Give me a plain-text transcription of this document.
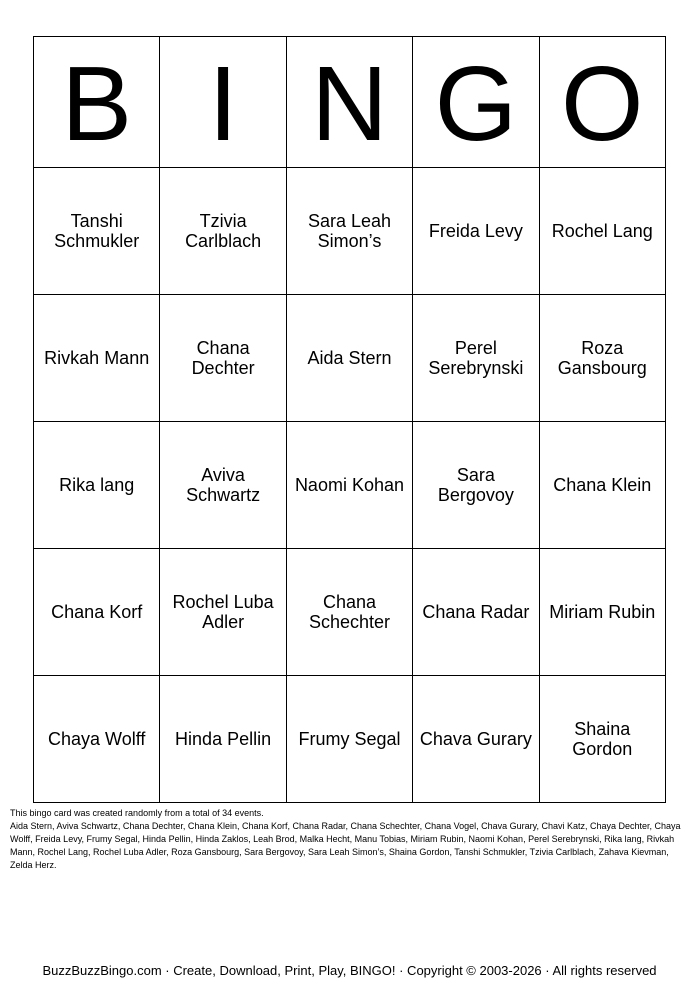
B	I	N	G	O
Tanshi Schmukler	Tzivia Carlblach	Sara Leah Simon’s	Freida Levy	Rochel Lang
Rivkah Mann	Chana Dechter	Aida Stern	Perel Serebrynski	Roza Gansbourg
Rika lang	Aviva Schwartz	Naomi Kohan	Sara Bergovoy	Chana Klein
Chana Korf	Rochel Luba Adler	Chana Schechter	Chana Radar	Miriam Rubin
Chaya Wolff	Hinda Pellin	Frumy Segal	Chava Gurary	Shaina Gordon
This bingo card was created randomly from a total of 34 events.
Aida Stern, Aviva Schwartz, Chana Dechter, Chana Klein, Chana Korf, Chana Radar, Chana Schechter, Chana Vogel, Chava Gurary, Chavi Katz, Chaya Dechter, Chaya Wolff, Freida Levy, Frumy Segal, Hinda Pellin, Hinda Zaklos, Leah Brod, Malka Hecht, Manu Tobias, Miriam Rubin, Naomi Kohan, Perel Serebrynski, Rika lang, Rivkah Mann, Rochel Lang, Rochel Luba Adler, Roza Gansbourg, Sara Bergovoy, Sara Leah Simon’s, Shaina Gordon, Tanshi Schmukler, Tzivia Carlblach, Zahava Kievman, Zelda Herz.
BuzzBuzzBingo.com · Create, Download, Print, Play, BINGO! · Copyright © 2003-2026 · All rights reserved
